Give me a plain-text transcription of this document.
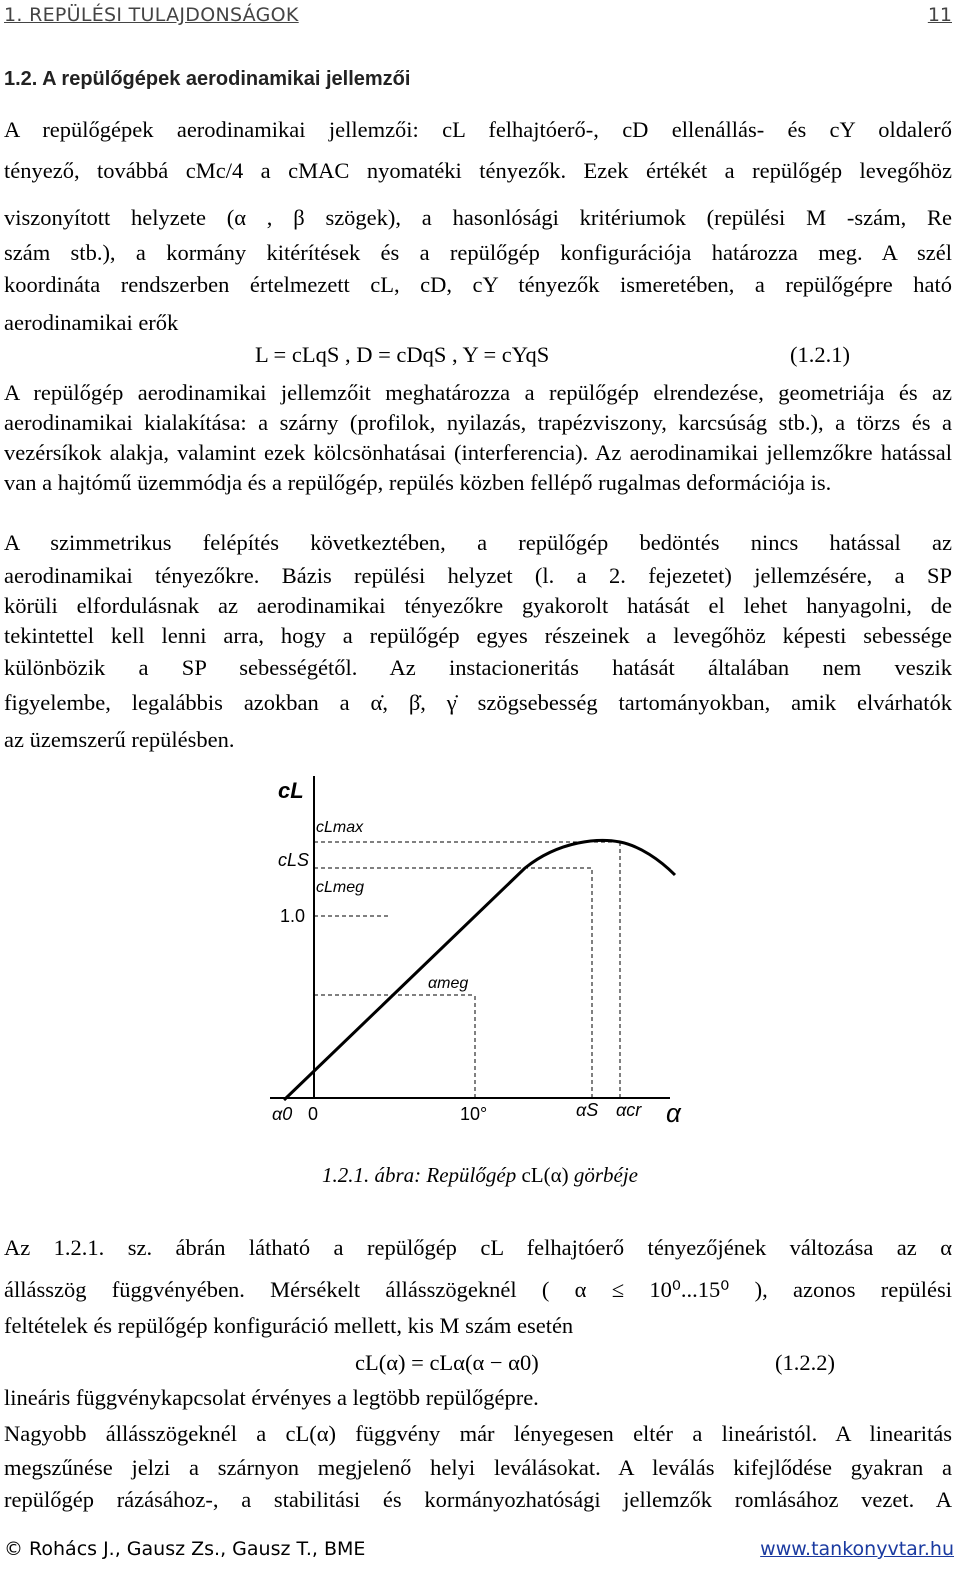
1. REPÜLÉSI TULAJDONSÁGOK	11
1.2. A repülőgépek aerodinamikai jellemzői
A repülőgépek aerodinamikai jellemzői: cL felhajtóerő-, cD ellenállás- és cY oldalerő
tényező, továbbá cMc/4 a cMAC nyomatéki tényezők. Ezek értékét a repülőgép levegőhöz
viszonyított helyzete (α , β szögek), a hasonlósági kritériumok (repülési M -szám, Re
szám stb.), a kormány kitérítések és a repülőgép konfigurációja határozza meg. A szél
koordináta rendszerben értelmezett cL, cD, cY tényezők ismeretében, a repülőgépre ható
aerodinamikai erők
L = cLqS , D = cDqS , Y = cYqS	(1.2.1)
A repülőgép aerodinamikai jellemzőit meghatározza a repülőgép elrendezése, geometriája és az aerodinamikai kialakítása: a szárny (profilok, nyilazás, trapézviszony, karcsúság stb.), a törzs és a vezérsíkok alakja, valamint ezek kölcsönhatásai (interferencia). Az aerodinamikai jellemzőkre hatással van a hajtómű üzemmódja és a repülőgép, repülés közben fellépő rugalmas deformációja is.
A szimmetrikus felépítés következtében, a repülőgép bedöntés nincs hatással az
aerodinamikai tényezőkre. Bázis repülési helyzet (l. a 2. fejezetet) jellemzésére, a SP
körüli elfordulásnak az aerodinamikai tényezőkre gyakorolt hatását el lehet hanyagolni, de
tekintettel kell lenni arra, hogy a repülőgép egyes részeinek a levegőhöz képesti sebessége
különbözik a SP sebességétől. Az instacioneritás hatását általában nem veszik
figyelembe, legalábbis azokban a α̇, β̇, γ̇ szögsebesség tartományokban, amik elvárhatók
az üzemszerű repülésben.
cL
cLmax
cLS
1.0
cLmeg
αmeg
α0 0	10°	αS αcr α
1.2.1. ábra: Repülőgép cL(α) görbéje
Az 1.2.1. sz. ábrán látható a repülőgép cL felhajtóerő tényezőjének változása az α
állásszög függvényében. Mérsékelt állásszögeknél ( α ≤ 10⁰...15⁰ ), azonos repülési
feltételek és repülőgép konfiguráció mellett, kis M szám esetén
cL(α) = cLα(α − α0)	(1.2.2)
lineáris függvénykapcsolat érvényes a legtöbb repülőgépre.
Nagyobb állásszögeknél a cL(α) függvény már lényegesen eltér a lineáristól. A linearitás
megszűnése jelzi a szárnyon megjelenő helyi leválásokat. A leválás kifejlődése gyakran a
repülőgép rázásához-, a stabilitási és kormányozhatósági jellemzők romlásához vezet. A
© Rohács J., Gausz Zs., Gausz T., BME	www.tankonyvtar.hu
